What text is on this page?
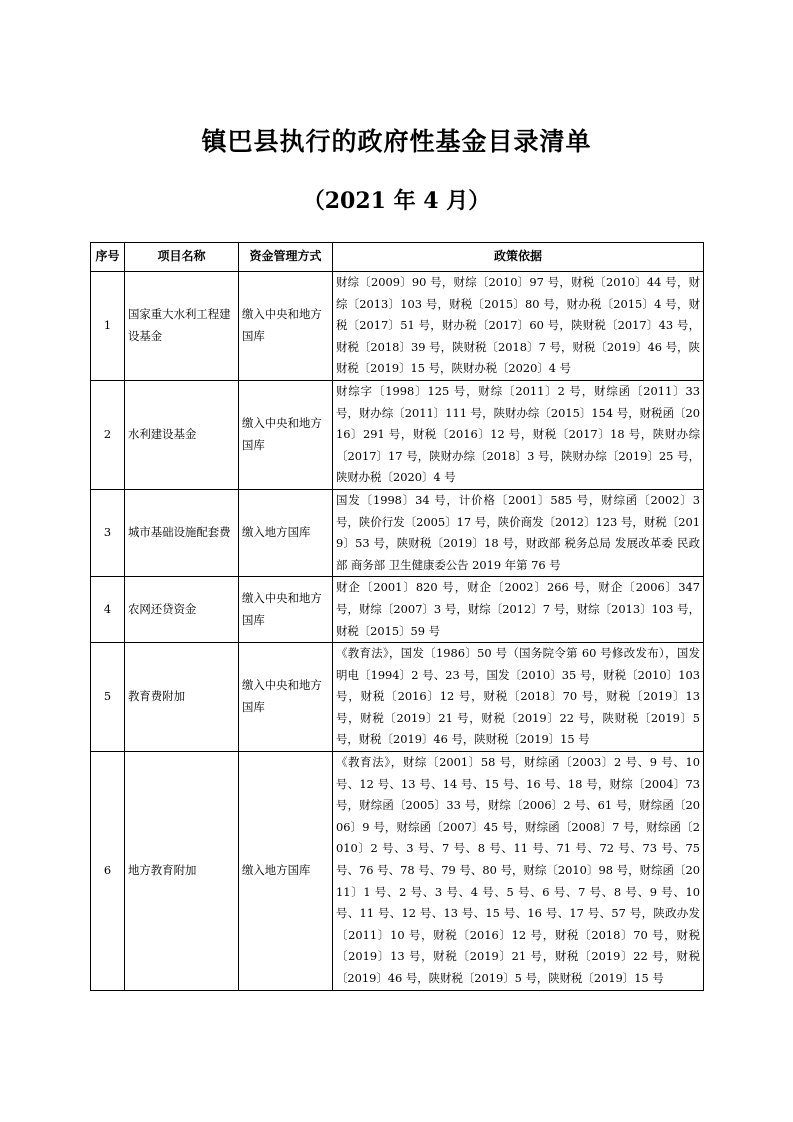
镇巴县执行的政府性基金目录清单
（2021 年 4 月）
序号	项目名称	资金管理方式	政策依据
1	国家重大水利工程建设基金	缴入中央和地方国库	财综〔2009〕90 号，财综〔2010〕97 号，财税〔2010〕44 号，财综〔2013〕103 号，财税〔2015〕80 号，财办税〔2015〕4 号，财税〔2017〕51 号，财办税〔2017〕60 号，陕财税〔2017〕43 号，财税〔2018〕39 号，陕财税〔2018〕7 号，财税〔2019〕46 号，陕财税〔2019〕15 号，陕财办税〔2020〕4 号
2	水利建设基金	缴入中央和地方国库	财综字〔1998〕125 号，财综〔2011〕2 号，财综函〔2011〕33 号，财办综〔2011〕111 号，陕财办综〔2015〕154 号，财税函〔2016〕291 号，财税〔2016〕12 号，财税〔2017〕18 号，陕财办综〔2017〕17 号，陕财办综〔2018〕3 号，陕财办综〔2019〕25 号，陕财办税〔2020〕4 号
3	城市基础设施配套费	缴入地方国库	国发〔1998〕34 号，计价格〔2001〕585 号，财综函〔2002〕3 号，陕价行发〔2005〕17 号，陕价商发〔2012〕123 号，财税〔2019〕53 号，陕财税〔2019〕18 号，财政部 税务总局 发展改革委 民政部 商务部 卫生健康委公告 2019 年第 76 号
4	农网还贷资金	缴入中央和地方国库	财企〔2001〕820 号，财企〔2002〕266 号，财企〔2006〕347 号，财综〔2007〕3 号，财综〔2012〕7 号，财综〔2013〕103 号，财税〔2015〕59 号
5	教育费附加	缴入中央和地方国库	《教育法》，国发〔1986〕50 号（国务院令第 60 号修改发布），国发明电〔1994〕2 号、23 号，国发〔2010〕35 号，财税〔2010〕103 号，财税〔2016〕12 号，财税〔2018〕70 号，财税〔2019〕13 号，财税〔2019〕21 号，财税〔2019〕22 号，陕财税〔2019〕5 号，财税〔2019〕46 号，陕财税〔2019〕15 号
6	地方教育附加	缴入地方国库	《教育法》，财综〔2001〕58 号，财综函〔2003〕2 号、9 号、10 号、12 号、13 号、14 号、15 号、16 号、18 号，财综〔2004〕73 号，财综函〔2005〕33 号，财综〔2006〕2 号、61 号，财综函〔2006〕9 号，财综函〔2007〕45 号，财综函〔2008〕7 号，财综函〔2010〕2 号、3 号、7 号、8 号、11 号、71 号、72 号、73 号、75 号、76 号、78 号、79 号、80 号，财综〔2010〕98 号，财综函〔2011〕1 号、2 号、3 号、4 号、5 号、6 号、7 号、8 号、9 号、10 号、11 号、12 号、13 号、15 号、16 号、17 号、57 号，陕政办发〔2011〕10 号，财税〔2016〕12 号，财税〔2018〕70 号，财税〔2019〕13 号，财税〔2019〕21 号，财税〔2019〕22 号，财税〔2019〕46 号，陕财税〔2019〕5 号，陕财税〔2019〕15 号
